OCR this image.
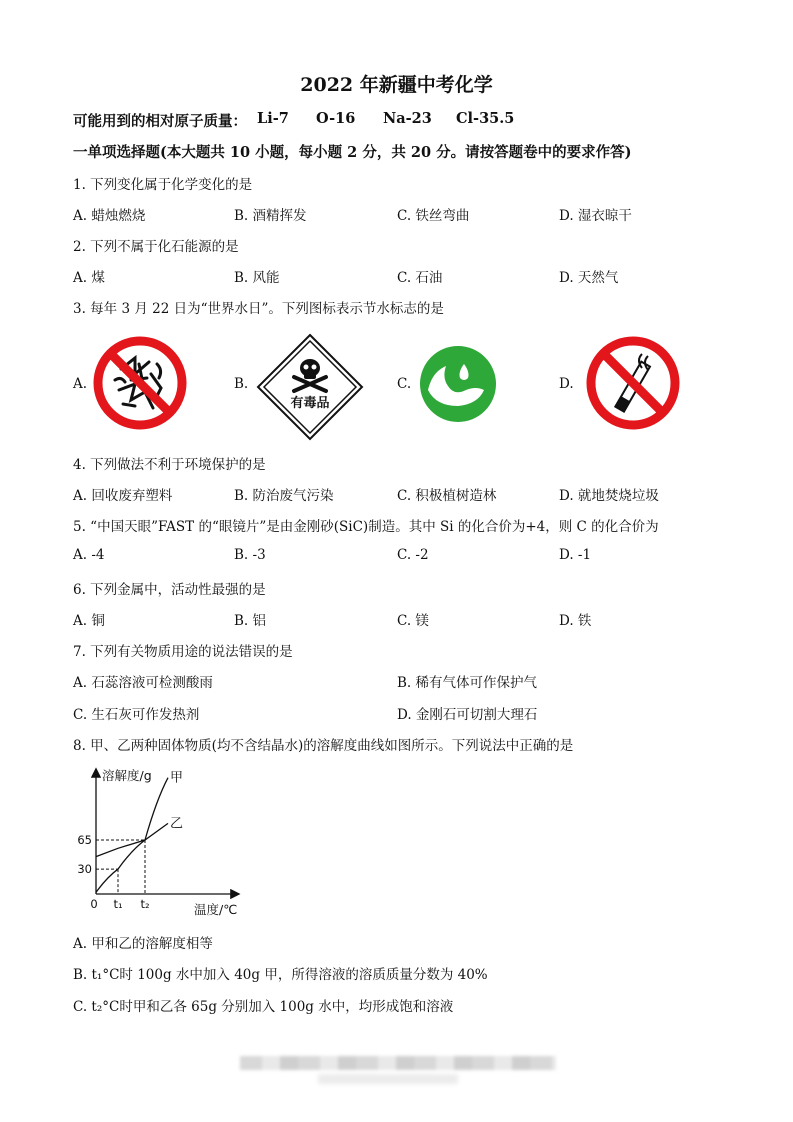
2022 年新疆中考化学
可能用到的相对原子质量： Li-7 O-16 Na-23 Cl-35.5
一单项选择题(本大题共 10 小题，每小题 2 分，共 20 分。请按答题卷中的要求作答)
1. 下列变化属于化学变化的是
A. 蜡烛燃烧	B. 酒精挥发	C. 铁丝弯曲	D. 湿衣晾干
2. 下列不属于化石能源的是
A. 煤	B. 风能	C. 石油	D. 天然气
3. 每年 3 月 22 日为“世界水日”。下列图标表示节水标志的是
A.	B.	C.	D.
有毒品
4. 下列做法不利于环境保护的是
A. 回收废弃塑料	B. 防治废气污染	C. 积极植树造林	D. 就地焚烧垃圾
5. “中国天眼”FAST 的“眼镜片”是由金刚砂(SiC)制造。其中 Si 的化合价为+4，则 C 的化合价为
A. -4	B. -3	C. -2	D. -1
6. 下列金属中，活动性最强的是
A. 铜	B. 铝	C. 镁	D. 铁
7. 下列有关物质用途的说法错误的是
A. 石蕊溶液可检测酸雨	B. 稀有气体可作保护气
C. 生石灰可作发热剂	D. 金刚石可切割大理石
8. 甲、乙两种固体物质(均不含结晶水)的溶解度曲线如图所示。下列说法中正确的是
甲
乙
溶解度/g
温度/℃
65
30
0 t₁ t₂
A. 甲和乙的溶解度相等
B. t₁°C时 100g 水中加入 40g 甲，所得溶液的溶质质量分数为 40%
C. t₂°C时甲和乙各 65g 分别加入 100g 水中，均形成饱和溶液
